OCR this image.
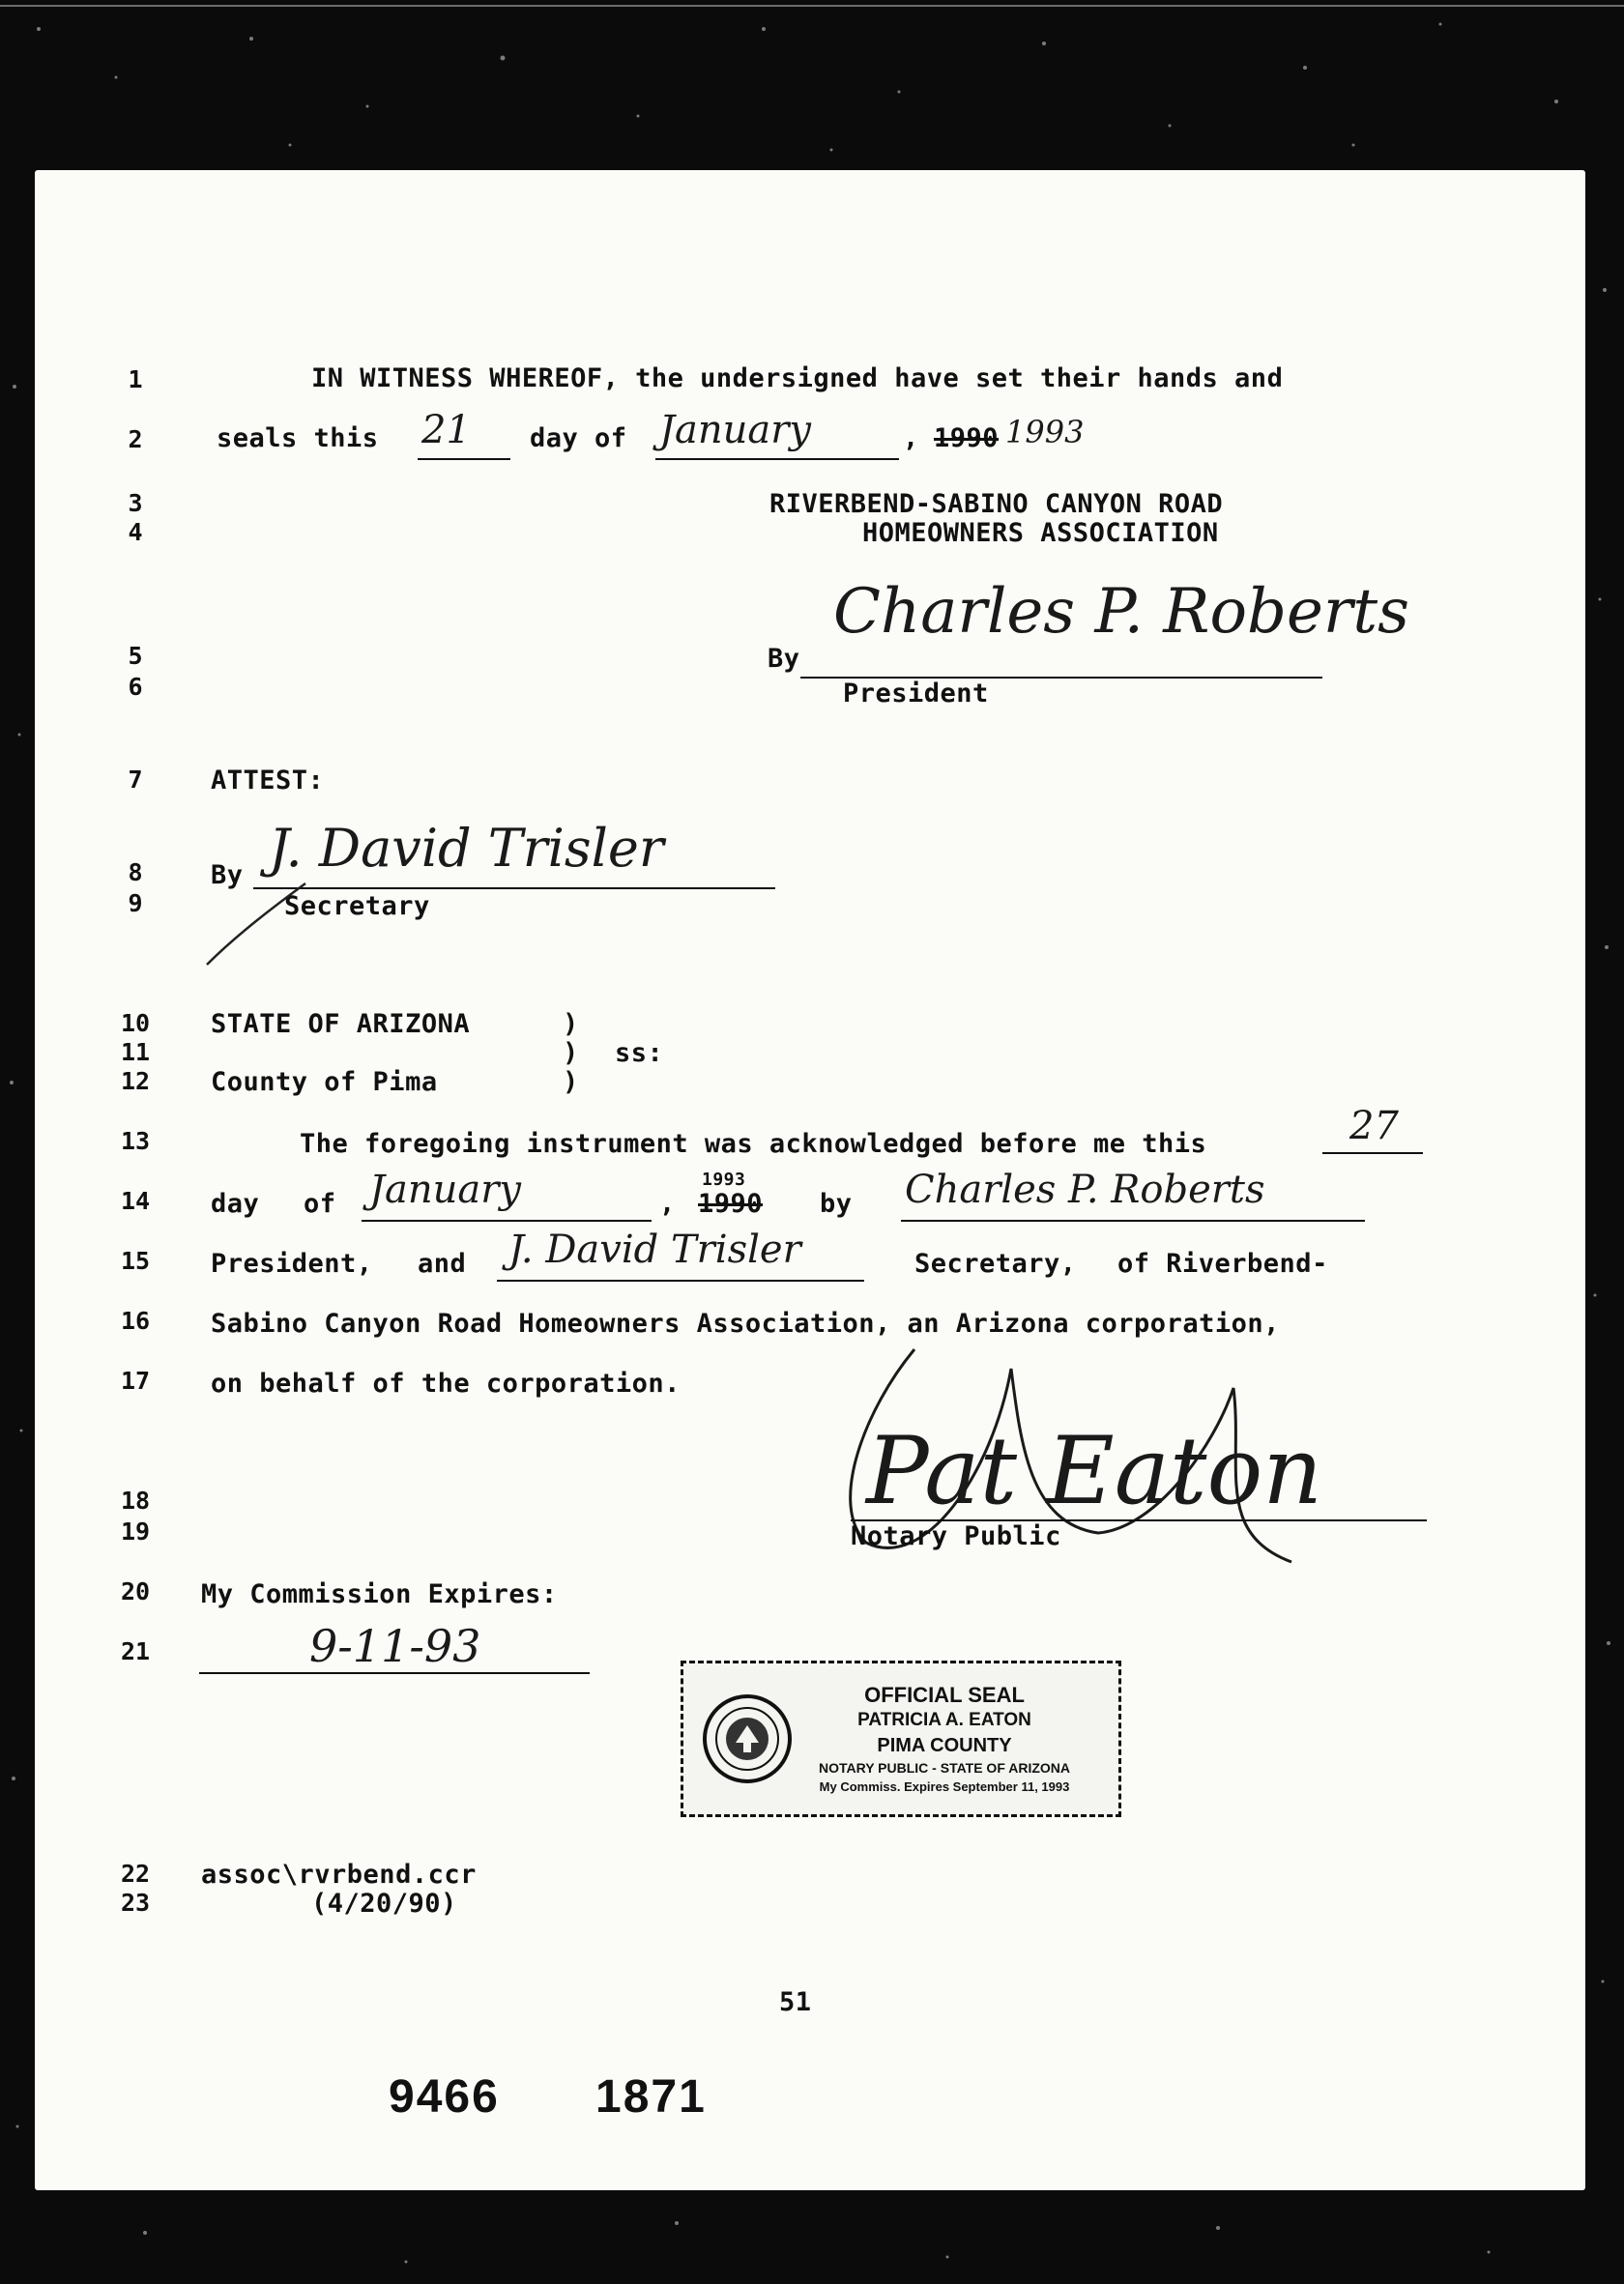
1
2
3
4
5
6
7
8
9
10
11
12
13
14
15
16
17
18
19
20
21
22
23
IN WITNESS WHEREOF, the undersigned have set their hands and
seals this 21 day of January	, 1990 1993
RIVERBEND-SABINO CANYON ROAD
HOMEOWNERS ASSOCIATION
By
Charles P. Roberts
President
ATTEST:
By J. David Trisler
Secretary
STATE OF ARIZONA	)
)
)
ss:
County of Pima
The foregoing instrument was acknowledged before me this	27
day of January	, 1990
1993
by Charles P. Roberts
President, and J. David Trisler	Secretary, of Riverbend-
Sabino Canyon Road Homeowners Association, an Arizona corporation,
on behalf of the corporation.
Pat Eaton
Notary Public
My Commission Expires:
9-11-93
OFFICIAL SEAL
PATRICIA A. EATON
PIMA COUNTY
NOTARY PUBLIC - STATE OF ARIZONA
My Commiss. Expires September 11, 1993
assoc\rvrbend.ccr
(4/20/90)
51
9466 1871
